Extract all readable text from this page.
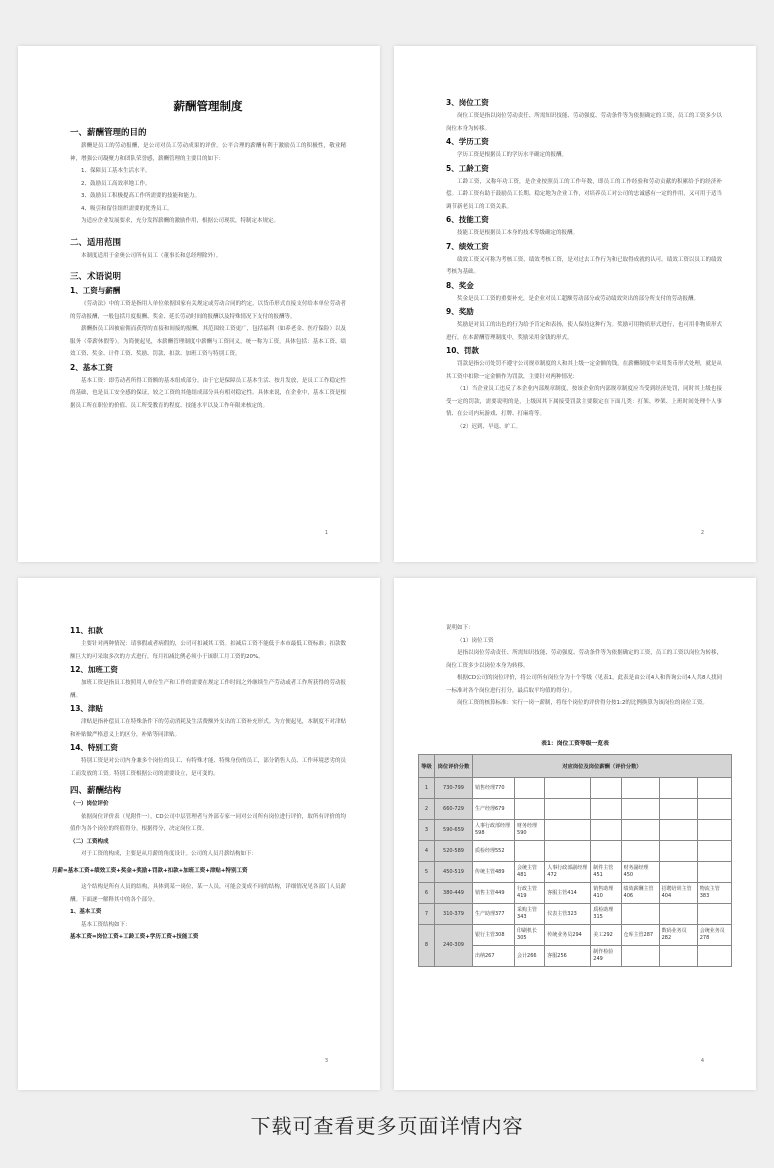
薪酬管理制度

一、薪酬管理的目的

薪酬是员工的劳动报酬，是公司对员工劳动成果的评价。公平合理的薪酬有利于激励员工的积极性，敬业精神，增强公司凝聚力和团队荣誉感，薪酬管理的主要目的如下：

1、保障员工基本生活水平。

2、鼓励员工高效率地工作。

3、鼓励员工积极提高工作所需要的技能和能力。

4、吸引和留住组织需要的优秀员工。

为适应企业发展要求，充分发挥薪酬的激励作用，根据公司现状，特制定本规定。

二、适用范围

本制度适用于金奥公司所有员工（董事长和总经理除外）。

三、术语说明

1、工资与薪酬

《劳动法》中的工资是指用人单位依据国家有关规定或劳动合同的约定，以货币形式直接支付给本单位劳动者的劳动报酬，一般包括月度报酬、奖金、延长劳动时间的报酬以及特殊情况下支付的报酬等。

薪酬指员工因被雇佣而获得的直接和间接的报酬，其范围较工资更广，包括福利（如养老金、医疗保险）以及服务（带薪休假等）。为简便起见，本薪酬管理制度中薪酬与工资同义，统一称为工资，具体包括：基本工资、绩效工资、奖金、计件工资、奖励、罚款、扣款、加班工资与特别工资。

2、基本工资

基本工资：即劳动者所得工资额的基本组成部分。由于它是保障员工基本生活、按月发放，是员工工作稳定性的基础，也是员工安全感的保证，较之工资的其他组成部分具有相对稳定性。具体来说，在企业中，基本工资是根据员工所在职位的价值、员工所受教育的程度、技能水平以及工作年限来核定的。

1

3、岗位工资

岗位工资是指以岗位劳动责任、所需知识技能、劳动强度、劳动条件等为依据确定的工资，员工的工资多少以岗位本身为转移。

4、学历工资

学历工资是根据员工的学历水平确定的报酬。

5、工龄工资

工龄工资，又称年功工资，是企业按照员工的工作年数，即员工的工作经验和劳动贡献的积累给予的经济补偿。工龄工资有助于鼓励员工长期、稳定地为企业工作，对培养员工对公司的忠诚感有一定的作用，又可用于适当调节新老员工的工资关系。

6、技能工资

技能工资是根据员工本身的技术等级确定的报酬。

7、绩效工资

绩效工资又可称为考核工资、绩效考核工资，是对过去工作行为和已取得成就的认可。绩效工资以员工的绩效考核为基础。

8、奖金

奖金是员工工资的重要补充，是企业对员工超额劳动部分或劳动绩效突出的部分所支付的劳动报酬。

9、奖励

奖励是对员工的出色的行为给予肯定和表扬，使人保持这种行为。奖励可用物质形式进行，也可用非物质形式进行，在本薪酬管理制度中，奖励采用金钱的形式。

10、罚款

罚款是指公司处罚不遵守公司规章制度的人和其上级一定金额的钱，在薪酬制度中采用货币形式处理，就是从其工资中扣除一定金额作为罚款，主要针对两种情况：

（1）当企业员工违反了本企业内部规章制度，按该企业的内部规章制度应当受到经济处罚，同时其上级也接受一定的罚款，需要说明的是，上级因其下属接受罚款主要限定在下面几类：打架、吵架、上班时间处理个人事情、在公司内玩游戏、打牌、打麻将等。

（2）迟到、早退、旷工。

2

11、扣款

主要针对两种情况：请事假或者病假的，公司可扣减其工资。扣减后工资不能低于本市最低工资标准；扣款数额巨大的可采取多次的方式进行，每月扣减比例必须小于该职工月工资的20%。

12、加班工资

加班工资是指员工按照用人单位生产和工作的需要在规定工作时间之外继续生产劳动或者工作所获得的劳动报酬。

13、津贴

津贴是指补偿员工在特殊条件下的劳动消耗及生活费额外支出的工资补充形式。为方便起见，本制度不对津贴和补贴做严格意义上的区分，补贴等同津贴。

14、特别工资

特别工资是对公司内身兼多个岗位的员工、有特殊才能、特殊身份的员工，部分销售人员、工作环境恶劣的员工而发放的工资。特别工资根据公司的需要设立，是可变的。

四、薪酬结构

（一）岗位评价

依据岗位评价表（见附件一），CD公司中层管理者与外部专家一同对公司所有岗位进行评价，取所有评价的均值作为各个岗位的终值得分。根据得分，决定岗位工资。

（二）工资构成

对于工资的构成，主要是从月薪的角度设计。公司的人员月薪结构如下：

月薪=基本工资+绩效工资+奖金+奖励+罚款+扣款+加班工资+津贴+特别工资

这个结构是所有人员的结构，具体到某一岗位，某一人员，可能会变成不同的结构，详细情况见各部门人员薪酬。下面逐一解释其中的各个部分。

1、基本工资

基本工资结构如下：

基本工资=岗位工资+工龄工资+学历工资+技能工资

3

说明如下：

（1）岗位工资

是指以岗位劳动责任、所需知识技能、劳动强度、劳动条件等为依据确定的工资，员工的工资以岗位为转移，岗位工资多少以岗位本身为转移。

根据CD公司的岗位评价，将公司所有岗位分为十个等级（见表1，此表是由公司4人和咨询公司4人共8人找同一标准对各个岗位进行打分，最后取平均值的得分）。

岗位工资的核算标准：实行一岗一薪制，将每个岗位的评价得分按1:2的比例换算为该岗位的岗位工资。

表1：岗位工资等级一览表
等级	岗位评价分数	对应岗位及岗位薪酬（评价分数）						
1	730-799	销售经理770						
2	660-729	生产经理679						
3	590-659	人事行政部经理598	财务经理590					
4	520-589	质检经理552						
5	450-519	传统主管489	会统主管481	人事行政部副经理472	制件主管451	财务副经理450		
6	380-449	销售主管449	行政主管419	客服主管414	销售助理410	绩效薪酬主管406	招聘培训主管404	物流主管383
7	310-379	生产助理377	采购主管343	仪表主管323	质检助理315			
8	240-309	银行主管308	印刷机长305	传统业务员294	美工292	仓库主管287	数码业务员282	会统业务员278
		出纳267	会计266	客服256	制作检验249			
4
下载可查看更多页面详情内容
